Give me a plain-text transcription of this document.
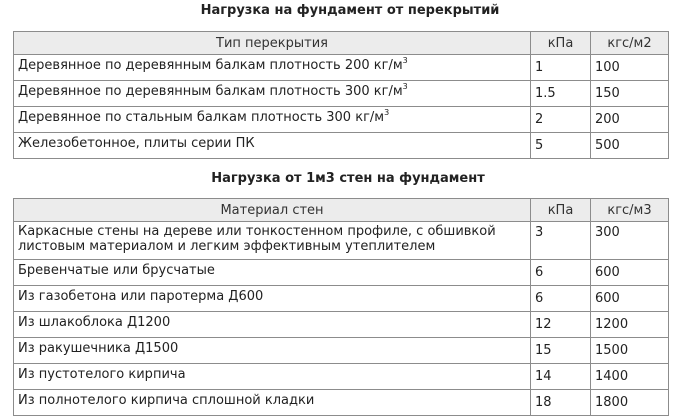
Нагрузка на фундамент от перекрытий
Тип перекрытия	кПа	кгс/м2
Деревянное по деревянным балкам плотность 200 $кг/м^3$	1	100
Деревянное по деревянным балкам плотность 300 $кг/м^3$	1.5	150
Деревянное по стальным балкам плотность 300 $кг/м^3$	2	200
Железобетонное, плиты серии ПК	5	500
Нагрузка от 1м3 стен на фундамент
Материал стен	кПа	кгс/м3
Каркасные стены на дереве или тонкостенном профиле, с обшивкой листовым материалом и легким эффективным утеплителем	3	300
Бревенчатые или брусчатые	6	600
Из газобетона или паротерма Д600	6	600
Из шлакоблока Д1200	12	1200
Из ракушечника Д1500	15	1500
Из пустотелого кирпича	14	1400
Из полнотелого кирпича сплошной кладки	18	1800
